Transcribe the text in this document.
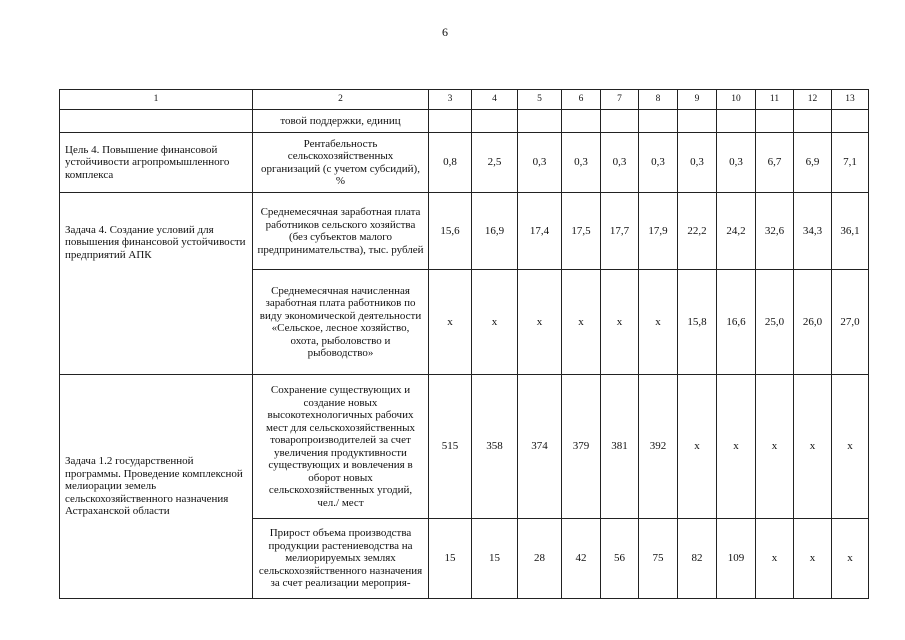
6
1	2	3	4	5	6	7	8	9	10	11	12	13
	товой поддержки, единиц											
Цель 4. Повышение финансовой устойчивости агропромышленного комплекса	Рентабельность сельскохозяйственных организаций (с учетом субсидий), %	0,8	2,5	0,3	0,3	0,3	0,3	0,3	0,3	6,7	6,9	7,1

Задача 4. Создание условий для повышения финансовой устойчивости предприятий АПК	Среднемесячная заработная плата работников сельского хозяйства (без субъектов малого предпринимательства), тыс. рублей	15,6	16,9	17,4	17,5	17,7	17,9	22,2	24,2	32,6	34,3	36,1
	Среднемесячная начисленная заработная плата работников по виду экономической деятельности «Сельское, лесное хозяйство, охота, рыболовство и рыбоводство»	х	х	х	х	х	х	15,8	16,6	25,0	26,0	27,0
Задача 1.2 государственной программы. Проведение комплексной мелиорации земель сельскохозяйственного назначения Астраханской области	Сохранение существующих и создание новых высокотехнологичных рабочих мест для сельскохозяйственных товаропроизводителей за счет увеличения продуктивности существующих и вовлечения в оборот новых сельскохозяйственных угодий, чел./ мест	515	358	374	379	381	392	х	х	х	х	х
	Прирост объема производства продукции растениеводства на мелиорируемых землях сельскохозяйственного назначения за счет реализации мероприя-	15	15	28	42	56	75	82	109	х	х	х
